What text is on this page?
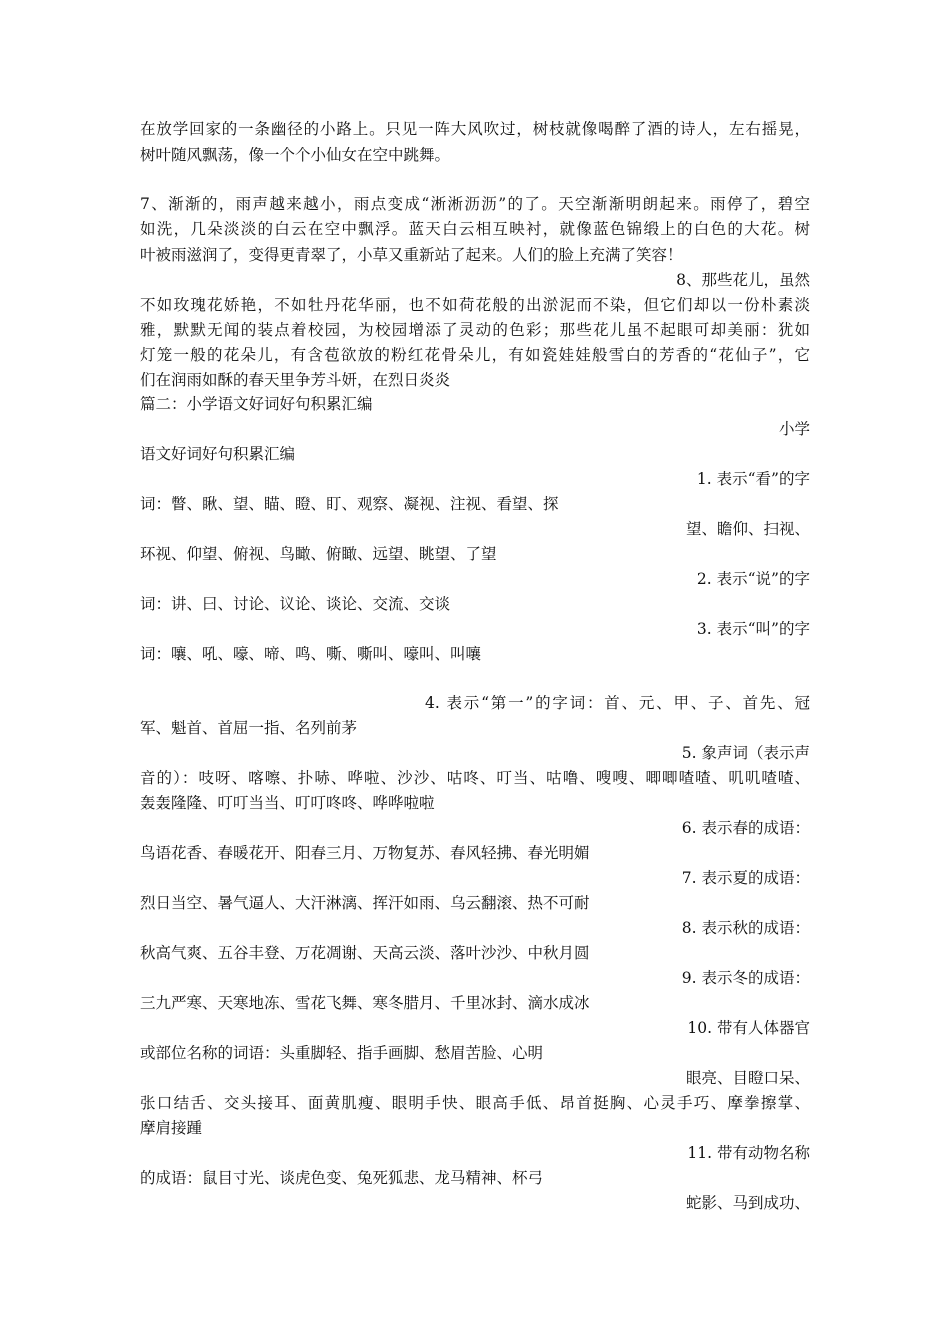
在放学回家的一条幽径的小路上。只见一阵大风吹过，树枝就像喝醉了酒的诗人，左右摇晃，
树叶随风飘荡，像一个个小仙女在空中跳舞。
7、渐渐的，雨声越来越小，雨点变成“淅淅沥沥”的了。天空渐渐明朗起来。雨停了，碧空
如洗，几朵淡淡的白云在空中飘浮。蓝天白云相互映衬，就像蓝色锦缎上的白色的大花。树
叶被雨滋润了，变得更青翠了，小草又重新站了起来。人们的脸上充满了笑容！
8、那些花儿，虽然
不如玫瑰花娇艳，不如牡丹花华丽，也不如荷花般的出淤泥而不染，但它们却以一份朴素淡
雅，默默无闻的装点着校园，为校园增添了灵动的色彩；那些花儿虽不起眼可却美丽：犹如
灯笼一般的花朵儿，有含苞欲放的粉红花骨朵儿，有如瓷娃娃般雪白的芳香的“花仙子”，它
们在润雨如酥的春天里争芳斗妍，在烈日炎炎
篇二：小学语文好词好句积累汇编
小学
语文好词好句积累汇编
1. 表示“看”的字
词：瞥、瞅、望、瞄、瞪、盯、观察、凝视、注视、看望、探
望、瞻仰、扫视、
环视、仰望、俯视、鸟瞰、俯瞰、远望、眺望、了望
2. 表示“说”的字
词：讲、曰、讨论、议论、谈论、交流、交谈
3. 表示“叫”的字
词：嚷、吼、嚎、啼、鸣、嘶、嘶叫、嚎叫、叫嚷
4. 表示“第一”的字词：首、元、甲、子、首先、冠
军、魁首、首屈一指、名列前茅
5. 象声词（表示声
音的）：吱呀、喀嚓、扑哧、哗啦、沙沙、咕咚、叮当、咕噜、嗖嗖、唧唧喳喳、叽叽喳喳、
轰轰隆隆、叮叮当当、叮叮咚咚、哗哗啦啦
6. 表示春的成语：
鸟语花香、春暖花开、阳春三月、万物复苏、春风轻拂、春光明媚
7. 表示夏的成语：
烈日当空、暑气逼人、大汗淋漓、挥汗如雨、乌云翻滚、热不可耐
8. 表示秋的成语：
秋高气爽、五谷丰登、万花凋谢、天高云淡、落叶沙沙、中秋月圆
9. 表示冬的成语：
三九严寒、天寒地冻、雪花飞舞、寒冬腊月、千里冰封、滴水成冰
10. 带有人体器官
或部位名称的词语：头重脚轻、指手画脚、愁眉苦脸、心明
眼亮、目瞪口呆、
张口结舌、交头接耳、面黄肌瘦、眼明手快、眼高手低、昂首挺胸、心灵手巧、摩拳擦掌、
摩肩接踵
11. 带有动物名称
的成语：鼠目寸光、谈虎色变、兔死狐悲、龙马精神、杯弓
蛇影、马到成功、
